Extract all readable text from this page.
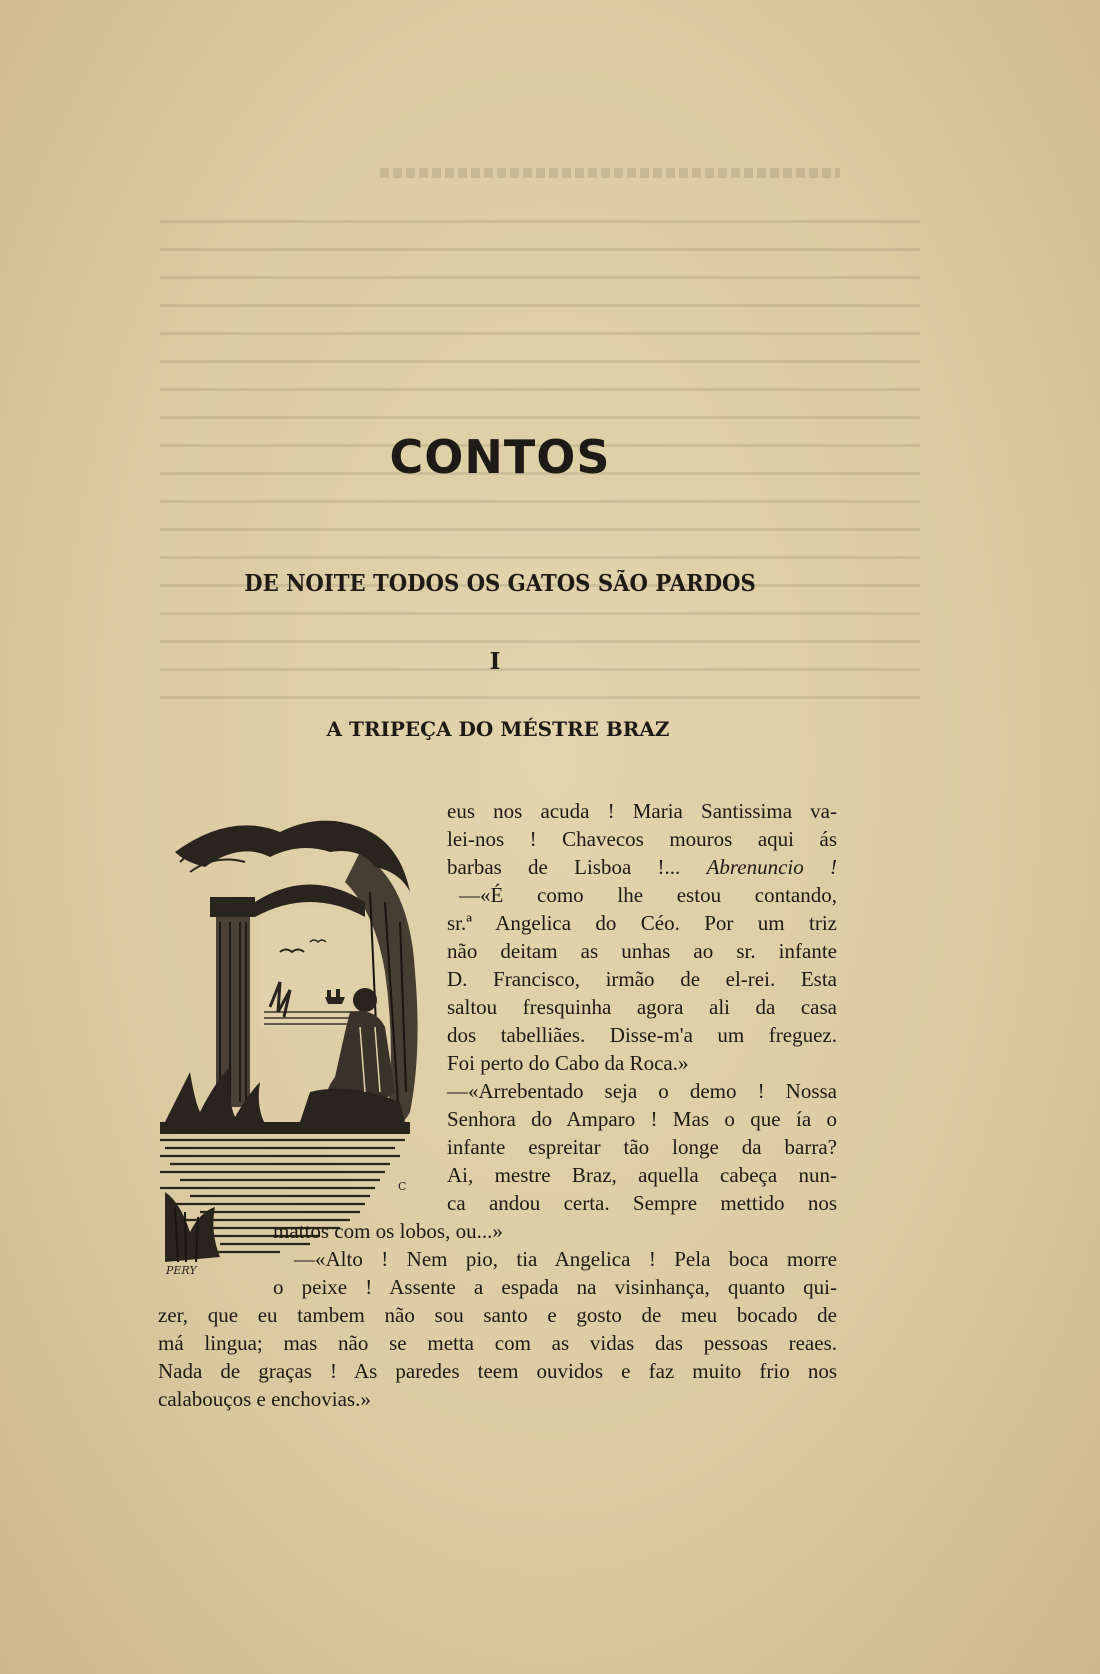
CONTOS
DE NOITE TODOS OS GATOS SÃO PARDOS
I
A TRIPEÇA DO MÉSTRE BRAZ
PERY
C
eus nos acuda ! Maria Santissima va-
lei-nos ! Chavecos mouros aqui ás
barbas de Lisboa !... Abrenuncio !
—«É como lhe estou contando,
sr.ª Angelica do Céo. Por um triz
não deitam as unhas ao sr. infante
D. Francisco, irmão de el-rei. Esta
saltou fresquinha agora ali da casa
dos tabelliães. Disse-m'a um freguez.
Foi perto do Cabo da Roca.»
—«Arrebentado seja o demo ! Nossa
Senhora do Amparo ! Mas o que ía o
infante espreitar tão longe da barra?
Ai, mestre Braz, aquella cabeça nun-
ca andou certa. Sempre mettido nos
mattos com os lobos, ou...»
—«Alto ! Nem pio, tia Angelica ! Pela boca morre
o peixe ! Assente a espada na visinhança, quanto qui-
zer, que eu tambem não sou santo e gosto de meu bocado de
má lingua; mas não se metta com as vidas das pessoas reaes.
Nada de graças ! As paredes teem ouvidos e faz muito frio nos
calabouços e enchovias.»
